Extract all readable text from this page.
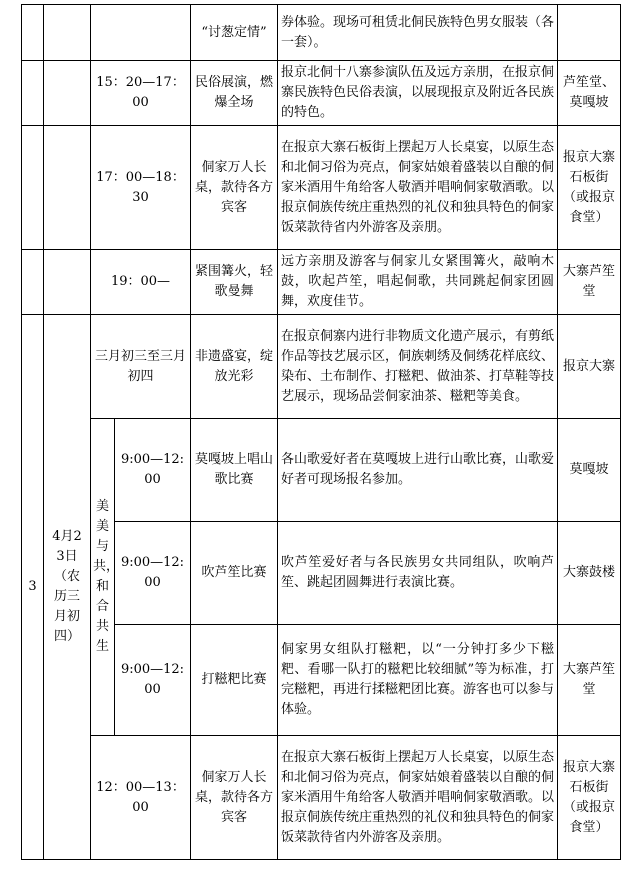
				“讨葱定情”	券体验。现场可租赁北侗民族特色男女服装（各一套）。	
		15：20—17：00		民俗展演，燃爆全场	报京北侗十八寨参演队伍及远方亲朋，在报京侗寨民族特色民俗表演，以展现报京及附近各民族的特色。	芦笙堂、莫嘎坡
		17：00—18：30		侗家万人长桌，款待各方宾客	在报京大寨石板街上摆起万人长桌宴，以原生态和北侗习俗为亮点，侗家姑娘着盛装以自酿的侗家米酒用牛角给客人敬酒并唱响侗家敬酒歌。以报京侗族传统庄重热烈的礼仪和独具特色的侗家饭菜款待省内外游客及亲朋。	报京大寨石板街（或报京食堂）
		19：00—		紧围篝火，轻歌曼舞	远方亲朋及游客与侗家儿女紧围篝火，敲响木鼓，吹起芦笙，唱起侗歌，共同跳起侗家团圆舞，欢度佳节。	大寨芦笙堂
3	4月23日（农历三月初四）	三月初三至三月初四		非遗盛宴，绽放光彩	在报京侗寨内进行非物质文化遗产展示，有剪纸作品等技艺展示区，侗族刺绣及侗绣花样底纹、染布、土布制作、打糍粑、做油茶、打草鞋等技艺展示，现场品尝侗家油茶、糍粑等美食。	报京大寨
		美美与共，和合共生	9:00—12:00	莫嘎坡上唱山歌比赛	各山歌爱好者在莫嘎坡上进行山歌比赛，山歌爱好者可现场报名参加。	莫嘎坡
			9:00—12:00	吹芦笙比赛	吹芦笙爱好者与各民族男女共同组队，吹响芦笙、跳起团圆舞进行表演比赛。	大寨鼓楼
			9:00—12:00	打糍粑比赛	侗家男女组队打糍粑，以“一分钟打多少下糍粑、看哪一队打的糍粑比较细腻”等为标准，打完糍粑，再进行揉糍粑团比赛。游客也可以参与体验。	大寨芦笙堂
		12：00—13：00		侗家万人长桌，款待各方宾客	在报京大寨石板街上摆起万人长桌宴，以原生态和北侗习俗为亮点，侗家姑娘着盛装以自酿的侗家米酒用牛角给客人敬酒并唱响侗家敬酒歌。以报京侗族传统庄重热烈的礼仪和独具特色的侗家饭菜款待省内外游客及亲朋。	报京大寨石板街（或报京食堂）
